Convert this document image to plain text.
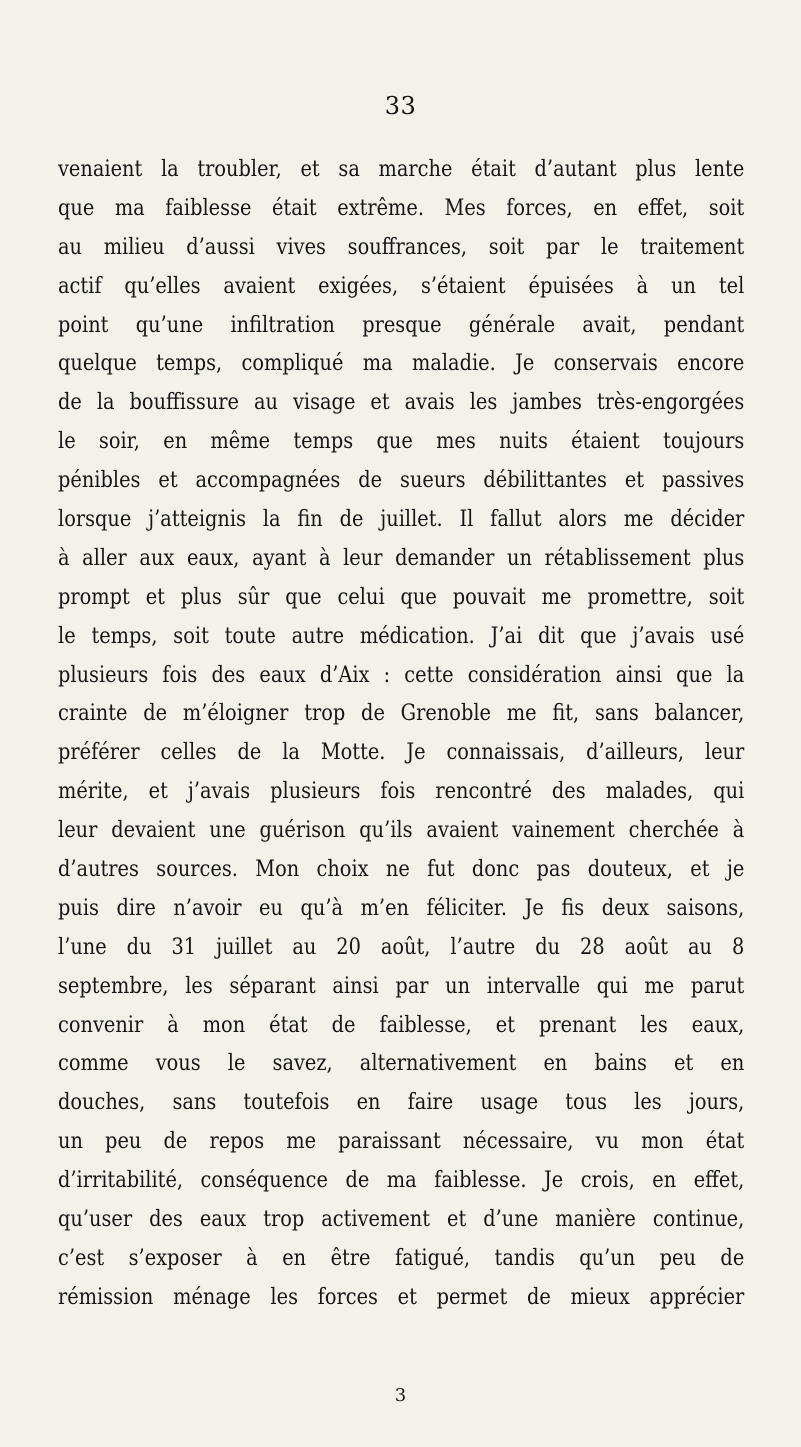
33
venaient la troubler, et sa marche était d’autant plus lente
que ma faiblesse était extrême. Mes forces, en effet, soit
au milieu d’aussi vives souffrances, soit par le traitement
actif qu’elles avaient exigées, s’étaient épuisées à un tel
point qu’une infiltration presque générale avait, pendant
quelque temps, compliqué ma maladie. Je conservais encore
de la bouffissure au visage et avais les jambes très-engorgées
le soir, en même temps que mes nuits étaient toujours
pénibles et accompagnées de sueurs débilittantes et passives
lorsque j’atteignis la fin de juillet. Il fallut alors me décider
à aller aux eaux, ayant à leur demander un rétablissement plus
prompt et plus sûr que celui que pouvait me promettre, soit
le temps, soit toute autre médication. J’ai dit que j’avais usé
plusieurs fois des eaux d’Aix : cette considération ainsi que la
crainte de m’éloigner trop de Grenoble me fit, sans balancer,
préférer celles de la Motte. Je connaissais, d’ailleurs, leur
mérite, et j’avais plusieurs fois rencontré des malades, qui
leur devaient une guérison qu’ils avaient vainement cherchée à
d’autres sources. Mon choix ne fut donc pas douteux, et je
puis dire n’avoir eu qu’à m’en féliciter. Je fis deux saisons,
l’une du 31 juillet au 20 août, l’autre du 28 août au 8
septembre, les séparant ainsi par un intervalle qui me parut
convenir à mon état de faiblesse, et prenant les eaux,
comme vous le savez, alternativement en bains et en
douches, sans toutefois en faire usage tous les jours,
un peu de repos me paraissant nécessaire, vu mon état
d’irritabilité, conséquence de ma faiblesse. Je crois, en effet,
qu’user des eaux trop activement et d’une manière continue,
c’est s’exposer à en être fatigué, tandis qu’un peu de
rémission ménage les forces et permet de mieux apprécier
3
